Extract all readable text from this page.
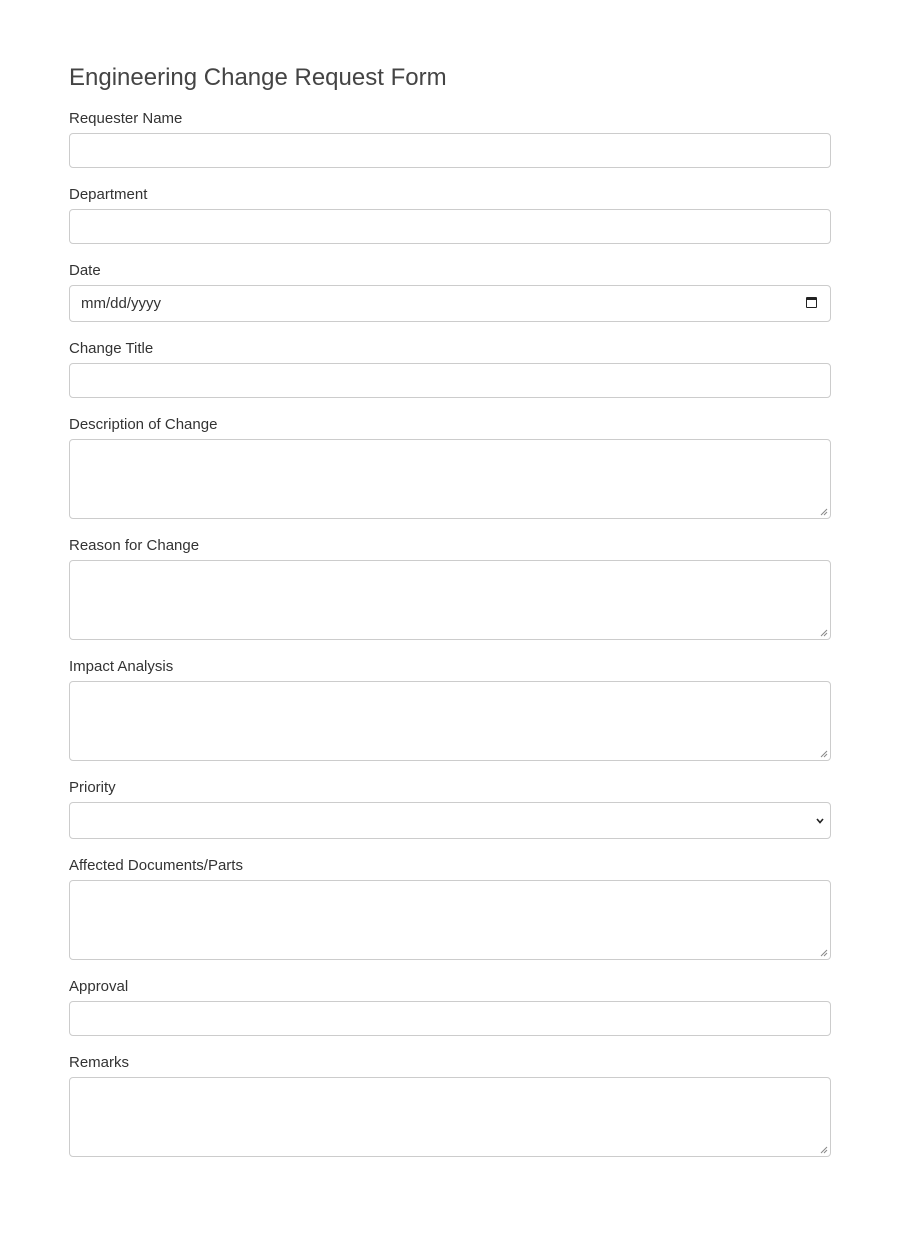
Engineering Change Request Form
Requester Name
Department
Date
mm/dd/yyyy
Change Title
Description of Change
Reason for Change
Impact Analysis
Priority
Affected Documents/Parts
Approval
Remarks
